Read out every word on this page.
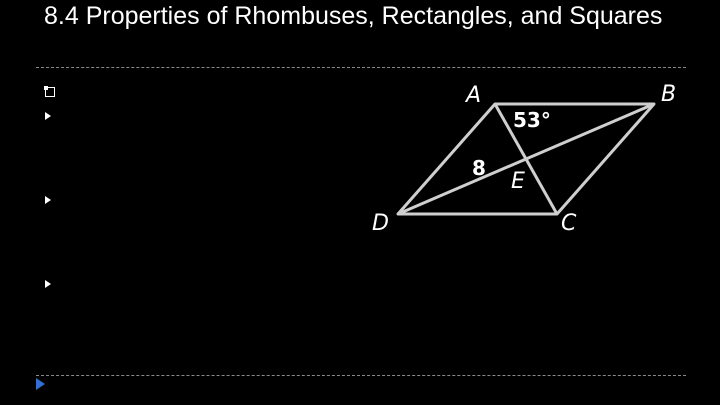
8.4 Properties of Rhombuses, Rectangles, and Squares
A	B
C
D
E
53°
8
